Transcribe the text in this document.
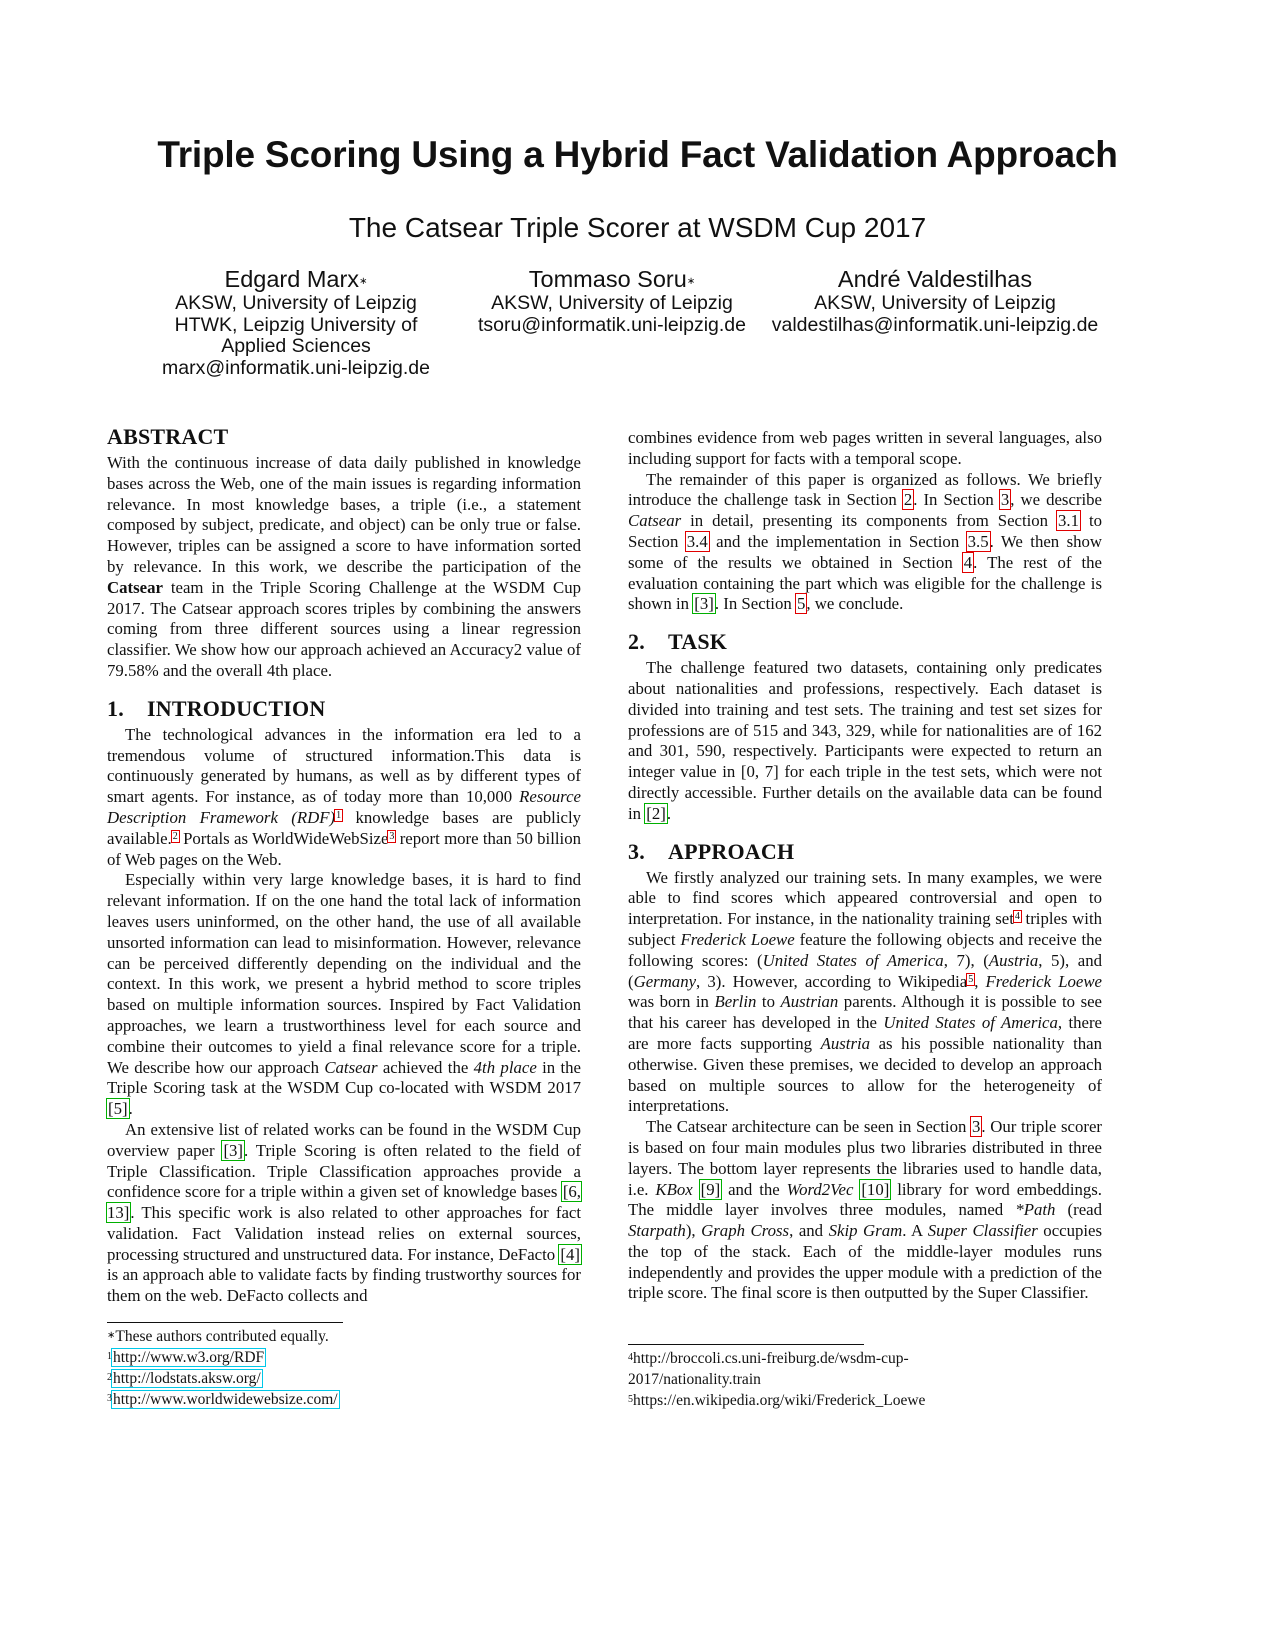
Triple Scoring Using a Hybrid Fact Validation Approach
The Catsear Triple Scorer at WSDM Cup 2017
Edgard Marx∗
AKSW, University of Leipzig
HTWK, Leipzig University of
Applied Sciences
marx@informatik.uni-leipzig.de
Tommaso Soru∗
AKSW, University of Leipzig
tsoru@informatik.uni-leipzig.de
André Valdestilhas
AKSW, University of Leipzig
valdestilhas@informatik.uni-leipzig.de
ABSTRACT

With the continuous increase of data daily published in knowledge bases across the Web, one of the main issues is regarding information relevance. In most knowledge bases, a triple (i.e., a statement composed by subject, predicate, and object) can be only true or false. However, triples can be assigned a score to have information sorted by relevance. In this work, we describe the participation of the Catsear team in the Triple Scoring Challenge at the WSDM Cup 2017. The Catsear approach scores triples by combining the answers coming from three different sources using a linear regression classifier. We show how our approach achieved an Accuracy2 value of 79.58% and the overall 4th place.

1. INTRODUCTION

The technological advances in the information era led to a tremendous volume of structured information.This data is continuously generated by humans, as well as by different types of smart agents. For instance, as of today more than 10,000 Resource Description Framework (RDF)$^1$ knowledge bases are publicly available.$^2$ Portals as WorldWideWebSize$^3$ report more than 50 billion of Web pages on the Web.

Especially within very large knowledge bases, it is hard to find relevant information. If on the one hand the total lack of information leaves users uninformed, on the other hand, the use of all available unsorted information can lead to misinformation. However, relevance can be perceived differently depending on the individual and the context. In this work, we present a hybrid method to score triples based on multiple information sources. Inspired by Fact Validation approaches, we learn a trustworthiness level for each source and combine their outcomes to yield a final relevance score for a triple. We describe how our approach Catsear achieved the 4th place in the Triple Scoring task at the WSDM Cup co-located with WSDM 2017 [5].

An extensive list of related works can be found in the WSDM Cup overview paper [3]. Triple Scoring is often related to the field of Triple Classification. Triple Classification approaches provide a confidence score for a triple within a given set of knowledge bases [6, 13]. This specific work is also related to other approaches for fact validation. Fact Validation instead relies on external sources, processing structured and unstructured data. For instance, DeFacto [4] is an approach able to validate facts by finding trustworthy sources for them on the web. DeFacto collects and

∗These authors contributed equally.
$^1$http://www.w3.org/RDF
$^2$http://lodstats.aksw.org/
$^3$http://www.worldwidewebsize.com/

combines evidence from web pages written in several languages, also including support for facts with a temporal scope.

The remainder of this paper is organized as follows. We briefly introduce the challenge task in Section 2. In Section 3, we describe Catsear in detail, presenting its components from Section 3.1 to Section 3.4 and the implementation in Section 3.5. We then show some of the results we obtained in Section 4. The rest of the evaluation containing the part which was eligible for the challenge is shown in [3]. In Section 5, we conclude.

2. TASK

The challenge featured two datasets, containing only predicates about nationalities and professions, respectively. Each dataset is divided into training and test sets. The training and test set sizes for professions are of 515 and 343, 329, while for nationalities are of 162 and 301, 590, respectively. Participants were expected to return an integer value in [0, 7] for each triple in the test sets, which were not directly accessible. Further details on the available data can be found in [2].

3. APPROACH

We firstly analyzed our training sets. In many examples, we were able to find scores which appeared controversial and open to interpretation. For instance, in the nationality training set$^4$ triples with subject Frederick Loewe feature the following objects and receive the following scores: (United States of America, 7), (Austria, 5), and (Germany, 3). However, according to Wikipedia$^5$, Frederick Loewe was born in Berlin to Austrian parents. Although it is possible to see that his career has developed in the United States of America, there are more facts supporting Austria as his possible nationality than otherwise. Given these premises, we decided to develop an approach based on multiple sources to allow for the heterogeneity of interpretations.

The Catsear architecture can be seen in Section 3. Our triple scorer is based on four main modules plus two libraries distributed in three layers. The bottom layer represents the libraries used to handle data, i.e. KBox [9] and the Word2Vec [10] library for word embeddings. The middle layer involves three modules, named *Path (read Starpath), Graph Cross, and Skip Gram. A Super Classifier occupies the top of the stack. Each of the middle-layer modules runs independently and provides the upper module with a prediction of the triple score. The final score is then outputted by the Super Classifier.

$^4$http://broccoli.cs.uni-freiburg.de/wsdm-cup-2017/nationality.train
$^5$https://en.wikipedia.org/wiki/Frederick_Loewe
